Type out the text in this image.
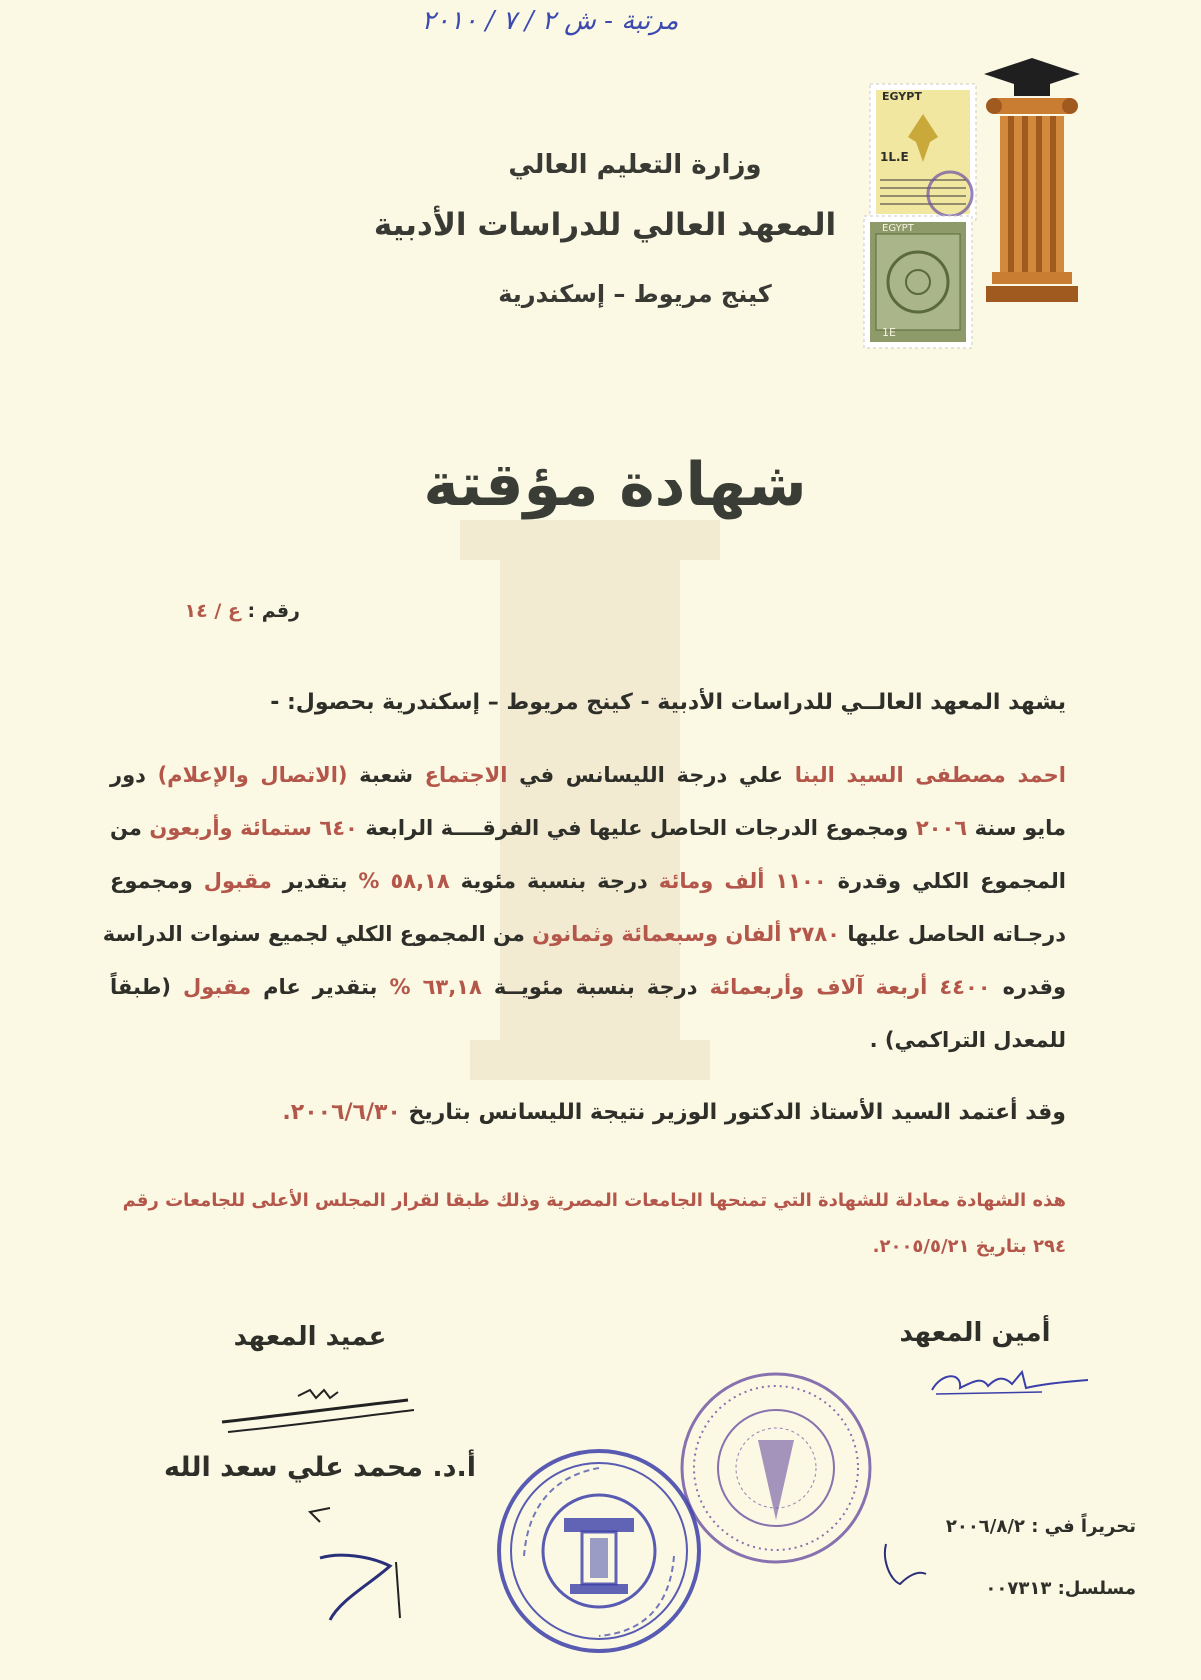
مرتبة - ش ٢ / ٧ / ٢٠١٠
وزارة التعليم العالي
المعهد العالي للدراسات الأدبية
كينج مريوط – إسكندرية
EGYPT
1L.E
EGYPT
1E
شهادة مؤقتة
رقم : ع / ١٤
يشهد المعهد العالــي للدراسات الأدبية - كينج مريوط – إسكندرية بحصول: -
احمد مصطفى السيد البنا علي درجة الليسانس في الاجتماع شعبة (الاتصال والإعلام) دور
مايو سنة ٢٠٠٦ ومجموع الدرجات الحاصل عليها في الفرقــــة الرابعة ٦٤٠ ستمائة وأربعون من
المجموع الكلي وقدرة ١١٠٠ ألف ومائة درجة بنسبة مئوية ٥٨,١٨ % بتقدير مقبول ومجموع
درجـاته الحاصل عليها ٢٧٨٠ ألفان وسبعمائة وثمانون من المجموع الكلي لجميع سنوات الدراسة
وقدره ٤٤٠٠ أربعة آلاف وأربعمائة درجة بنسبة مئويــة ٦٣,١٨ % بتقدير عام مقبول (طبقاً
للمعدل التراكمي) .
وقد أعتمد السيد الأستاذ الدكتور الوزير نتيجة الليسانس بتاريخ ٢٠٠٦/٦/٣٠.
هذه الشهادة معادلة للشهادة التي تمنحها الجامعات المصرية وذلك طبقا لقرار المجلس الأعلى للجامعات رقم
٢٩٤ بتاريخ ٢٠٠٥/٥/٢١.
أمين المعهد
عميد المعهد
أ.د. محمد علي سعد الله
تحريراً في : ٢٠٠٦/٨/٢
مسلسل: ٠٠٧٣١٣
